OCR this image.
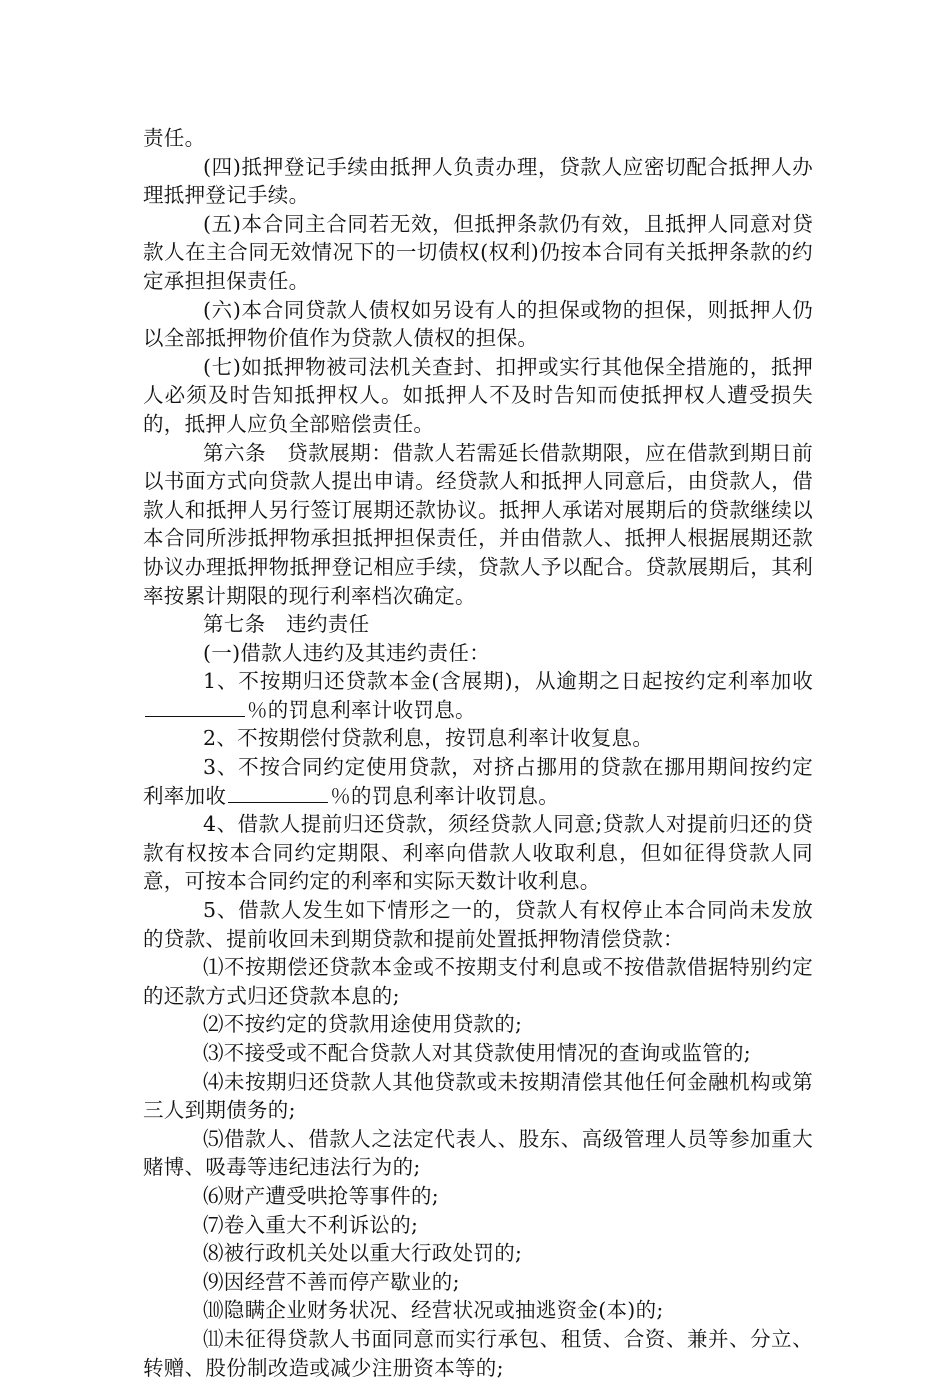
责任。

(四)抵押登记手续由抵押人负责办理，贷款人应密切配合抵押人办理抵押登记手续。

(五)本合同主合同若无效，但抵押条款仍有效，且抵押人同意对贷款人在主合同无效情况下的一切债权(权利)仍按本合同有关抵押条款的约定承担担保责任。

(六)本合同贷款人债权如另设有人的担保或物的担保，则抵押人仍以全部抵押物价值作为贷款人债权的担保。

(七)如抵押物被司法机关查封、扣押或实行其他保全措施的，抵押人必须及时告知抵押权人。如抵押人不及时告知而使抵押权人遭受损失的，抵押人应负全部赔偿责任。

第六条　贷款展期：借款人若需延长借款期限，应在借款到期日前以书面方式向贷款人提出申请。经贷款人和抵押人同意后，由贷款人，借款人和抵押人另行签订展期还款协议。抵押人承诺对展期后的贷款继续以本合同所涉抵押物承担抵押担保责任，并由借款人、抵押人根据展期还款协议办理抵押物抵押登记相应手续，贷款人予以配合。贷款展期后，其利率按累计期限的现行利率档次确定。

第七条　违约责任

(一)借款人违约及其违约责任：

1、不按期归还贷款本金(含展期)，从逾期之日起按约定利率加收％的罚息利率计收罚息。

2、不按期偿付贷款利息，按罚息利率计收复息。

3、不按合同约定使用贷款，对挤占挪用的贷款在挪用期间按约定利率加收	％的罚息利率计收罚息。

4、借款人提前归还贷款，须经贷款人同意;贷款人对提前归还的贷款有权按本合同约定期限、利率向借款人收取利息，但如征得贷款人同意，可按本合同约定的利率和实际天数计收利息。

5、借款人发生如下情形之一的，贷款人有权停止本合同尚未发放的贷款、提前收回未到期贷款和提前处置抵押物清偿贷款：

⑴不按期偿还贷款本金或不按期支付利息或不按借款借据特别约定的还款方式归还贷款本息的;

⑵不按约定的贷款用途使用贷款的;

⑶不接受或不配合贷款人对其贷款使用情况的查询或监管的;

⑷未按期归还贷款人其他贷款或未按期清偿其他任何金融机构或第三人到期债务的;

⑸借款人、借款人之法定代表人、股东、高级管理人员等参加重大赌博、吸毒等违纪违法行为的;

⑹财产遭受哄抢等事件的;

⑺卷入重大不利诉讼的;

⑻被行政机关处以重大行政处罚的;

⑼因经营不善而停产歇业的;

⑽隐瞒企业财务状况、经营状况或抽逃资金(本)的;

⑾未征得贷款人书面同意而实行承包、租赁、合资、兼并、分立、转赠、股份制改造或减少注册资本等的;
